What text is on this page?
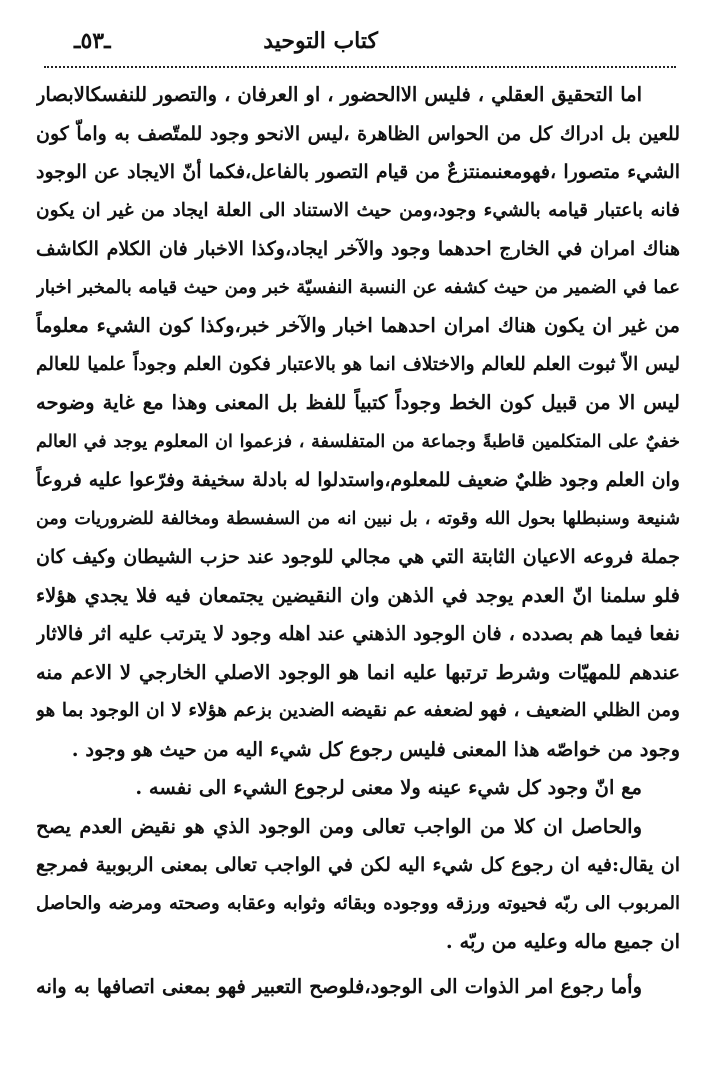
كتاب التوحيد
ـ٥٣ـ
اما التحقيق العقلي ، فليس الاالحضور ، او العرفان ، والتصور للنفسكالابصار
للعين بل ادراك كل من الحواس الظاهرة ،ليس الانحو وجود للمتّصف به واماّ كون
الشيء متصورا ،فهومعنىمنتزعٌ من قيام التصور بالفاعل،فكما أنّ الايجاد عن الوجود
فانه باعتبار قيامه بالشيء وجود،ومن حيث الاستناد الى العلة ايجاد من غير ان يكون
هناك امران في الخارج احدهما وجود والآخر ايجاد،وكذا الاخبار فان الكلام الكاشف
عما في الضمير من حيث كشفه عن النسبة النفسيّة خبر ومن حيث قيامه بالمخبر اخبار
من غير ان يكون هناك امران احدهما اخبار والآخر خبر،وكذا كون الشيء معلوماً
ليس الاّ ثبوت العلم للعالم والاختلاف انما هو بالاعتبار فكون العلم وجوداً علميا للعالم
ليس الا من قبيل كون الخط وجوداً كتبياً للفظ بل المعنى وهذا مع غاية وضوحه
خفيٌ على المتكلمين قاطبةً وجماعة من المتفلسفة ، فزعموا ان المعلوم يوجد في العالم
وان العلم وجود ظليٌ ضعيف للمعلوم،واستدلوا له بادلة سخيفة وفرّعوا عليه فروعاً
شنيعة وسنبطلها بحول الله وقوته ، بل نبين انه من السفسطة ومخالفة للضروريات ومن
جملة فروعه الاعيان الثابتة التي هي مجالي للوجود عند حزب الشيطان وكيف كان
فلو سلمنا انّ العدم يوجد في الذهن وان النقيضين يجتمعان فيه فلا يجدي هؤلاء
نفعا فيما هم بصدده ، فان الوجود الذهني عند اهله وجود لا يترتب عليه اثر فالاثار
عندهم للمهيّات وشرط ترتبها عليه انما هو الوجود الاصلي الخارجي لا الاعم منه
ومن الظلي الضعيف ، فهو لضعفه عم نقيضه الضدين بزعم هؤلاء لا ان الوجود بما هو
وجود من خواصّه هذا المعنى فليس رجوع كل شيء اليه من حيث هو وجود .
مع انّ وجود كل شيء عينه ولا معنى لرجوع الشيء الى نفسه .
والحاصل ان كلا من الواجب تعالى ومن الوجود الذي هو نقيض العدم يصح
ان يقال:فيه ان رجوع كل شيء اليه لكن في الواجب تعالى بمعنى الربوبية فمرجع
المربوب الى ربّه فحيوته ورزقه ووجوده وبقائه وثوابه وعقابه وصحته ومرضه والحاصل
ان جميع ماله وعليه من ربّه .
وأما رجوع امر الذوات الى الوجود،فلوصح التعبير فهو بمعنى اتصافها به وانه
